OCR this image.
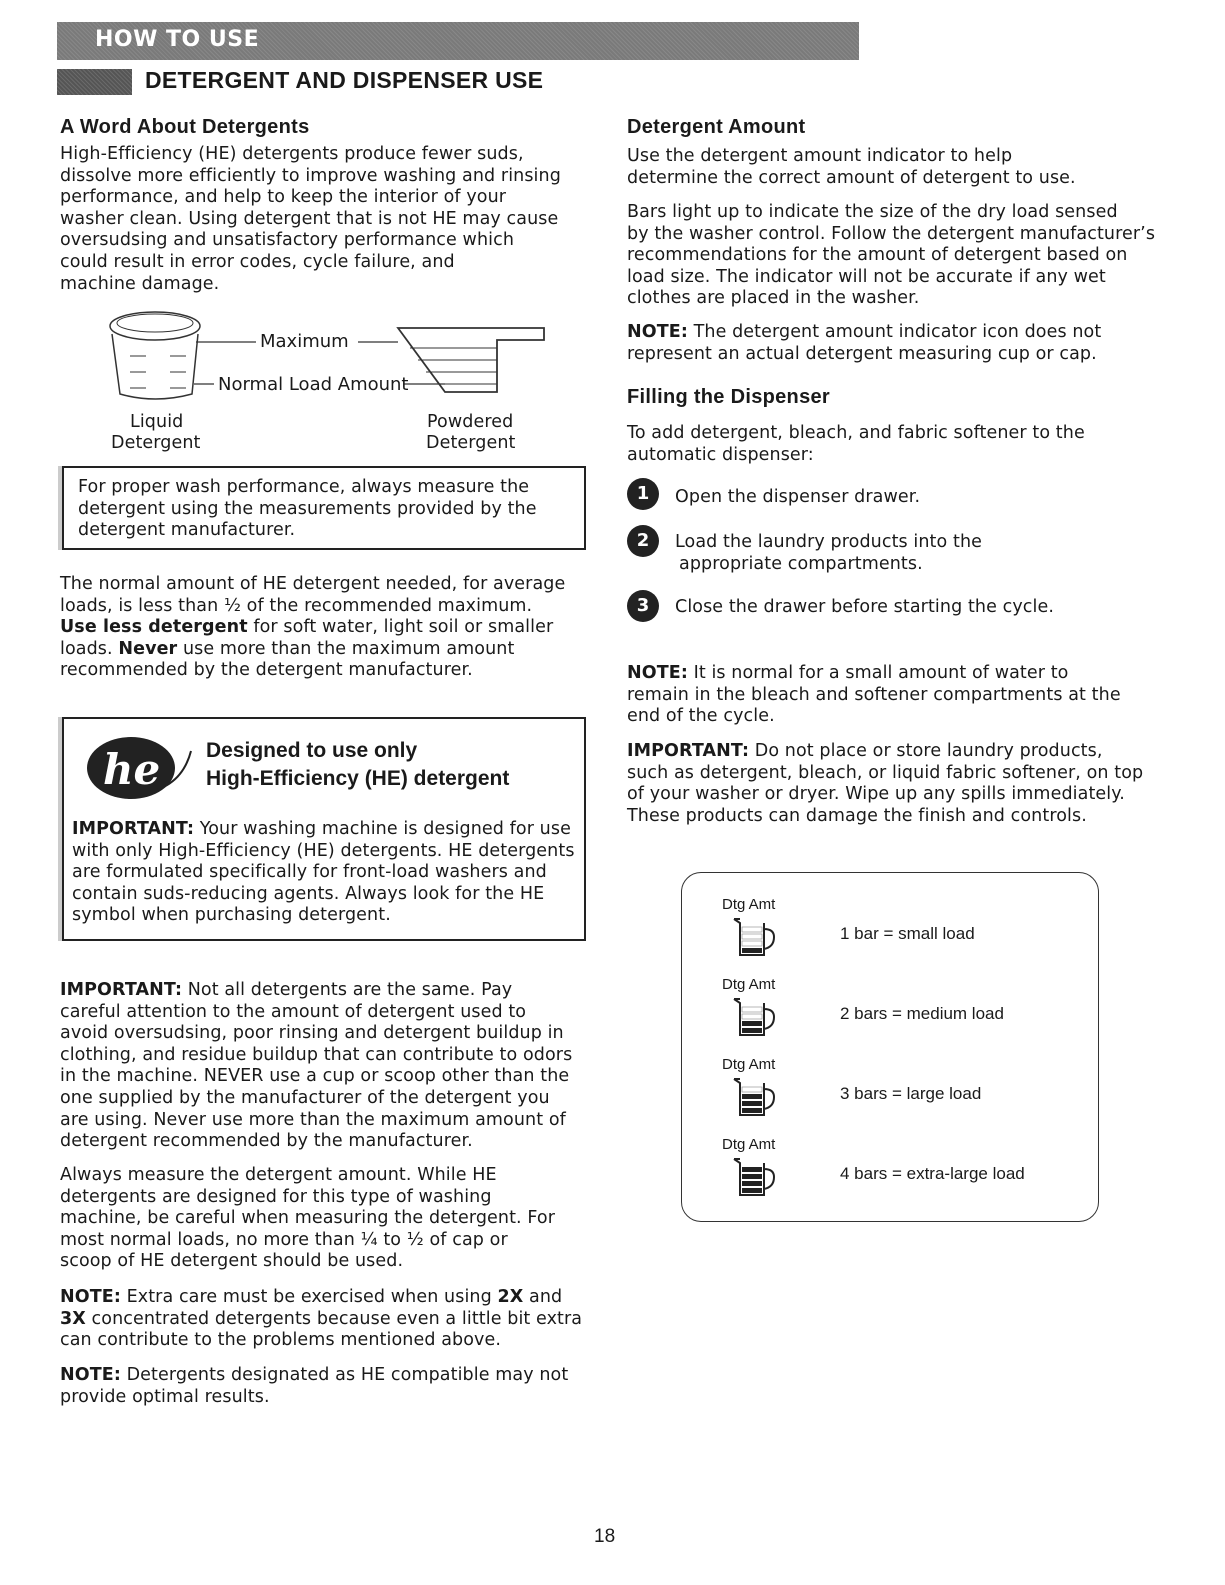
HOW TO USE
DETERGENT AND DISPENSER USE
A Word About Detergents
High-Efficiency (HE) detergents produce fewer suds,
dissolve more efficiently to improve washing and rinsing
performance, and help to keep the interior of your
washer clean. Using detergent that is not HE may cause
oversudsing and unsatisfactory performance which
could result in error codes, cycle failure, and
machine damage.
Maximum
Normal Load Amount
Liquid
Detergent
Powdered
Detergent
For proper wash performance, always measure the
detergent using the measurements provided by the
detergent manufacturer.
The normal amount of HE detergent needed, for average
loads, is less than ½ of the recommended maximum.
Use less detergent for soft water, light soil or smaller
loads. Never use more than the maximum amount
recommended by the detergent manufacturer.
he Designed to use only
High-Efficiency (HE) detergent
IMPORTANT: Your washing machine is designed for use
with only High-Efficiency (HE) detergents. HE detergents
are formulated specifically for front-load washers and
contain suds-reducing agents. Always look for the HE
symbol when purchasing detergent.
IMPORTANT: Not all detergents are the same. Pay
careful attention to the amount of detergent used to
avoid oversudsing, poor rinsing and detergent buildup in
clothing, and residue buildup that can contribute to odors
in the machine. NEVER use a cup or scoop other than the
one supplied by the manufacturer of the detergent you
are using. Never use more than the maximum amount of
detergent recommended by the manufacturer.
Always measure the detergent amount. While HE
detergents are designed for this type of washing
machine, be careful when measuring the detergent. For
most normal loads, no more than ¼ to ½ of cap or
scoop of HE detergent should be used.
NOTE: Extra care must be exercised when using 2X and
3X concentrated detergents because even a little bit extra
can contribute to the problems mentioned above.
NOTE: Detergents designated as HE compatible may not
provide optimal results.
Detergent Amount
Use the detergent amount indicator to help
determine the correct amount of detergent to use.
Bars light up to indicate the size of the dry load sensed
by the washer control. Follow the detergent manufacturer’s
recommendations for the amount of detergent based on
load size. The indicator will not be accurate if any wet
clothes are placed in the washer.
NOTE: The detergent amount indicator icon does not
represent an actual detergent measuring cup or cap.
Filling the Dispenser
To add detergent, bleach, and fabric softener to the
automatic dispenser:
1	Open the dispenser drawer.
2	Load the laundry products into the
appropriate compartments.
3	Close the drawer before starting the cycle.
NOTE: It is normal for a small amount of water to
remain in the bleach and softener compartments at the
end of the cycle.
IMPORTANT: Do not place or store laundry products,
such as detergent, bleach, or liquid fabric softener, on top
of your washer or dryer. Wipe up any spills immediately.
These products can damage the finish and controls.
Dtg Amt
1 bar = small load
Dtg Amt
2 bars = medium load
Dtg Amt
3 bars = large load
Dtg Amt
4 bars = extra-large load
18
